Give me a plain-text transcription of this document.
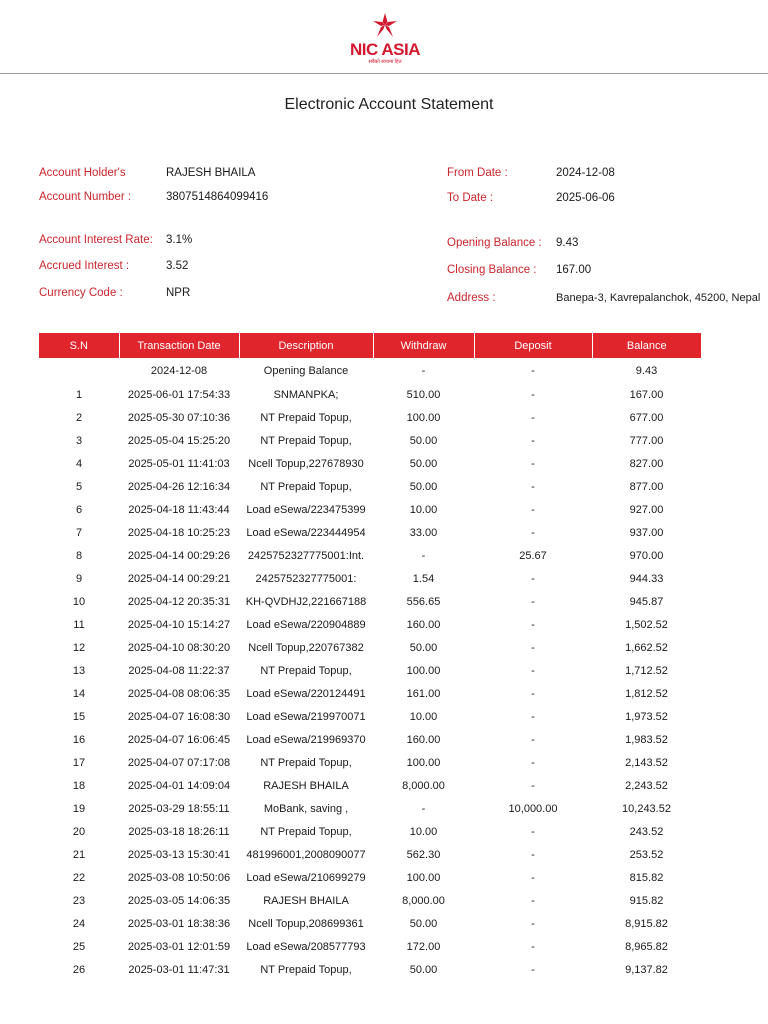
NIC ASIA
सबैको साथमा हित
Electronic Account Statement
Account Holder's	RAJESH BHAILA
Account Number :	3807514864099416
Account Interest Rate: 3.1%
Accrued Interest :	3.52
Currency Code :	NPR
From Date :	2024-12-08
To Date :	2025-06-06
Opening Balance : 9.43
Closing Balance : 167.00
Address :	Banepa-3, Kavrepalanchok, 45200, Nepal
S.N	Transaction Date	Description	Withdraw	Deposit	Balance
	2024-12-08	Opening Balance	-	-	9.43
1	2025-06-01 17:54:33	SNMANPKA;	510.00	-	167.00
2	2025-05-30 07:10:36	NT Prepaid Topup,	100.00	-	677.00
3	2025-05-04 15:25:20	NT Prepaid Topup,	50.00	-	777.00
4	2025-05-01 11:41:03	Ncell Topup,227678930	50.00	-	827.00
5	2025-04-26 12:16:34	NT Prepaid Topup,	50.00	-	877.00
6	2025-04-18 11:43:44	Load eSewa/223475399	10.00	-	927.00
7	2025-04-18 10:25:23	Load eSewa/223444954	33.00	-	937.00
8	2025-04-14 00:29:26	2425752327775001:Int.	-	25.67	970.00
9	2025-04-14 00:29:21	2425752327775001:	1.54	-	944.33
10	2025-04-12 20:35:31	KH-QVDHJ2,221667188	556.65	-	945.87
11	2025-04-10 15:14:27	Load eSewa/220904889	160.00	-	1,502.52
12	2025-04-10 08:30:20	Ncell Topup,220767382	50.00	-	1,662.52
13	2025-04-08 11:22:37	NT Prepaid Topup,	100.00	-	1,712.52
14	2025-04-08 08:06:35	Load eSewa/220124491	161.00	-	1,812.52
15	2025-04-07 16:08:30	Load eSewa/219970071	10.00	-	1,973.52
16	2025-04-07 16:06:45	Load eSewa/219969370	160.00	-	1,983.52
17	2025-04-07 07:17:08	NT Prepaid Topup,	100.00	-	2,143.52
18	2025-04-01 14:09:04	RAJESH BHAILA	8,000.00	-	2,243.52
19	2025-03-29 18:55:11	MoBank, saving ,	-	10,000.00	10,243.52
20	2025-03-18 18:26:11	NT Prepaid Topup,	10.00	-	243.52
21	2025-03-13 15:30:41	481996001,2008090077	562.30	-	253.52
22	2025-03-08 10:50:06	Load eSewa/210699279	100.00	-	815.82
23	2025-03-05 14:06:35	RAJESH BHAILA	8,000.00	-	915.82
24	2025-03-01 18:38:36	Ncell Topup,208699361	50.00	-	8,915.82
25	2025-03-01 12:01:59	Load eSewa/208577793	172.00	-	8,965.82
26	2025-03-01 11:47:31	NT Prepaid Topup,	50.00	-	9,137.82
